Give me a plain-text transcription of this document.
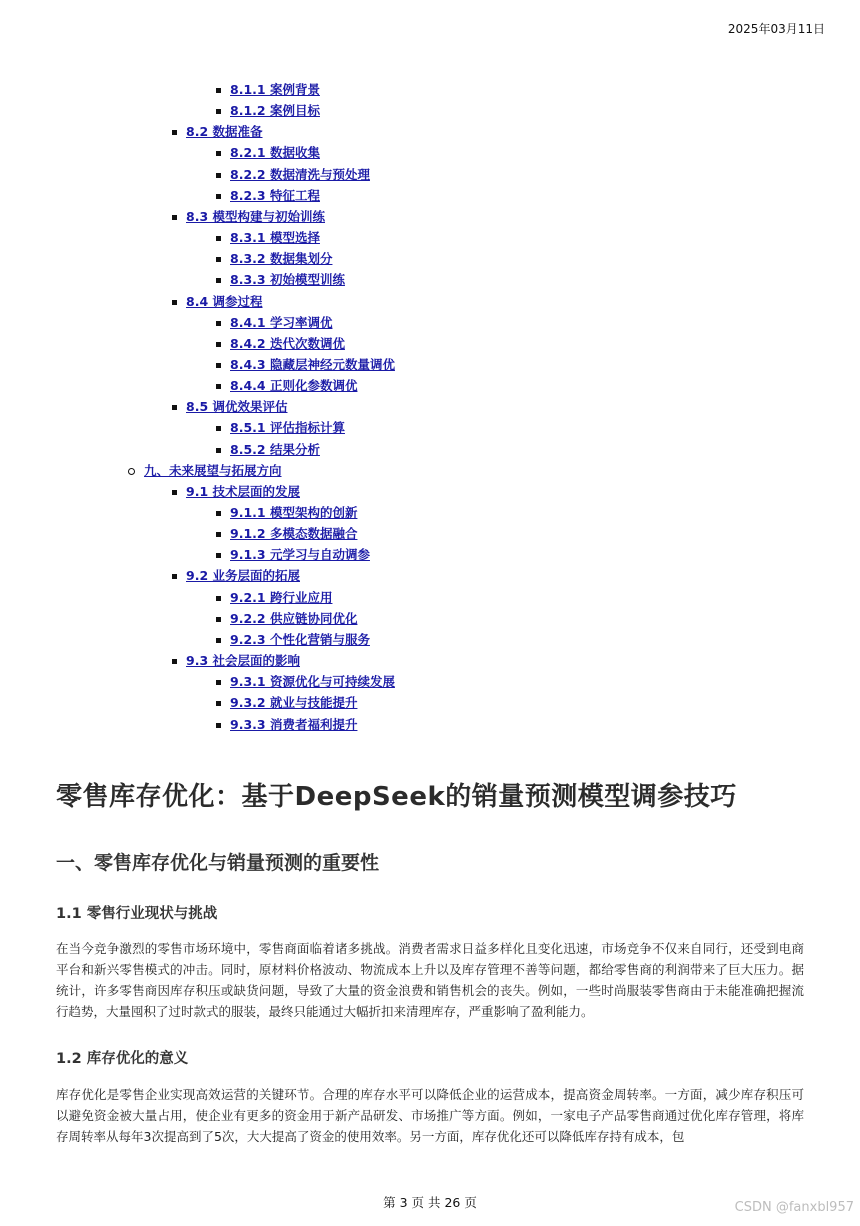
2025年03月11日
8.1.1 案例背景
8.1.2 案例目标
8.2 数据准备
8.2.1 数据收集
8.2.2 数据清洗与预处理
8.2.3 特征工程
8.3 模型构建与初始训练
8.3.1 模型选择
8.3.2 数据集划分
8.3.3 初始模型训练
8.4 调参过程
8.4.1 学习率调优
8.4.2 迭代次数调优
8.4.3 隐藏层神经元数量调优
8.4.4 正则化参数调优
8.5 调优效果评估
8.5.1 评估指标计算
8.5.2 结果分析
九、未来展望与拓展方向
9.1 技术层面的发展
9.1.1 模型架构的创新
9.1.2 多模态数据融合
9.1.3 元学习与自动调参
9.2 业务层面的拓展
9.2.1 跨行业应用
9.2.2 供应链协同优化
9.2.3 个性化营销与服务
9.3 社会层面的影响
9.3.1 资源优化与可持续发展
9.3.2 就业与技能提升
9.3.3 消费者福利提升
零售库存优化：基于DeepSeek的销量预测模型调参技巧
一、零售库存优化与销量预测的重要性
1.1 零售行业现状与挑战

在当今竞争激烈的零售市场环境中，零售商面临着诸多挑战。消费者需求日益多样化且变化迅速，市场竞争不仅来自同行，还受到电商平台和新兴零售模式的冲击。同时，原材料价格波动、物流成本上升以及库存管理不善等问题，都给零售商的利润带来了巨大压力。据统计，许多零售商因库存积压或缺货问题，导致了大量的资金浪费和销售机会的丧失。例如，一些时尚服装零售商由于未能准确把握流行趋势，大量囤积了过时款式的服装，最终只能通过大幅折扣来清理库存，严重影响了盈利能力。

1.2 库存优化的意义

库存优化是零售企业实现高效运营的关键环节。合理的库存水平可以降低企业的运营成本，提高资金周转率。一方面，减少库存积压可以避免资金被大量占用，使企业有更多的资金用于新产品研发、市场推广等方面。例如，一家电子产品零售商通过优化库存管理，将库存周转率从每年3次提高到了5次，大大提高了资金的使用效率。另一方面，库存优化还可以降低库存持有成本，包

第 3 页 共 26 页	CSDN @fanxbl957
